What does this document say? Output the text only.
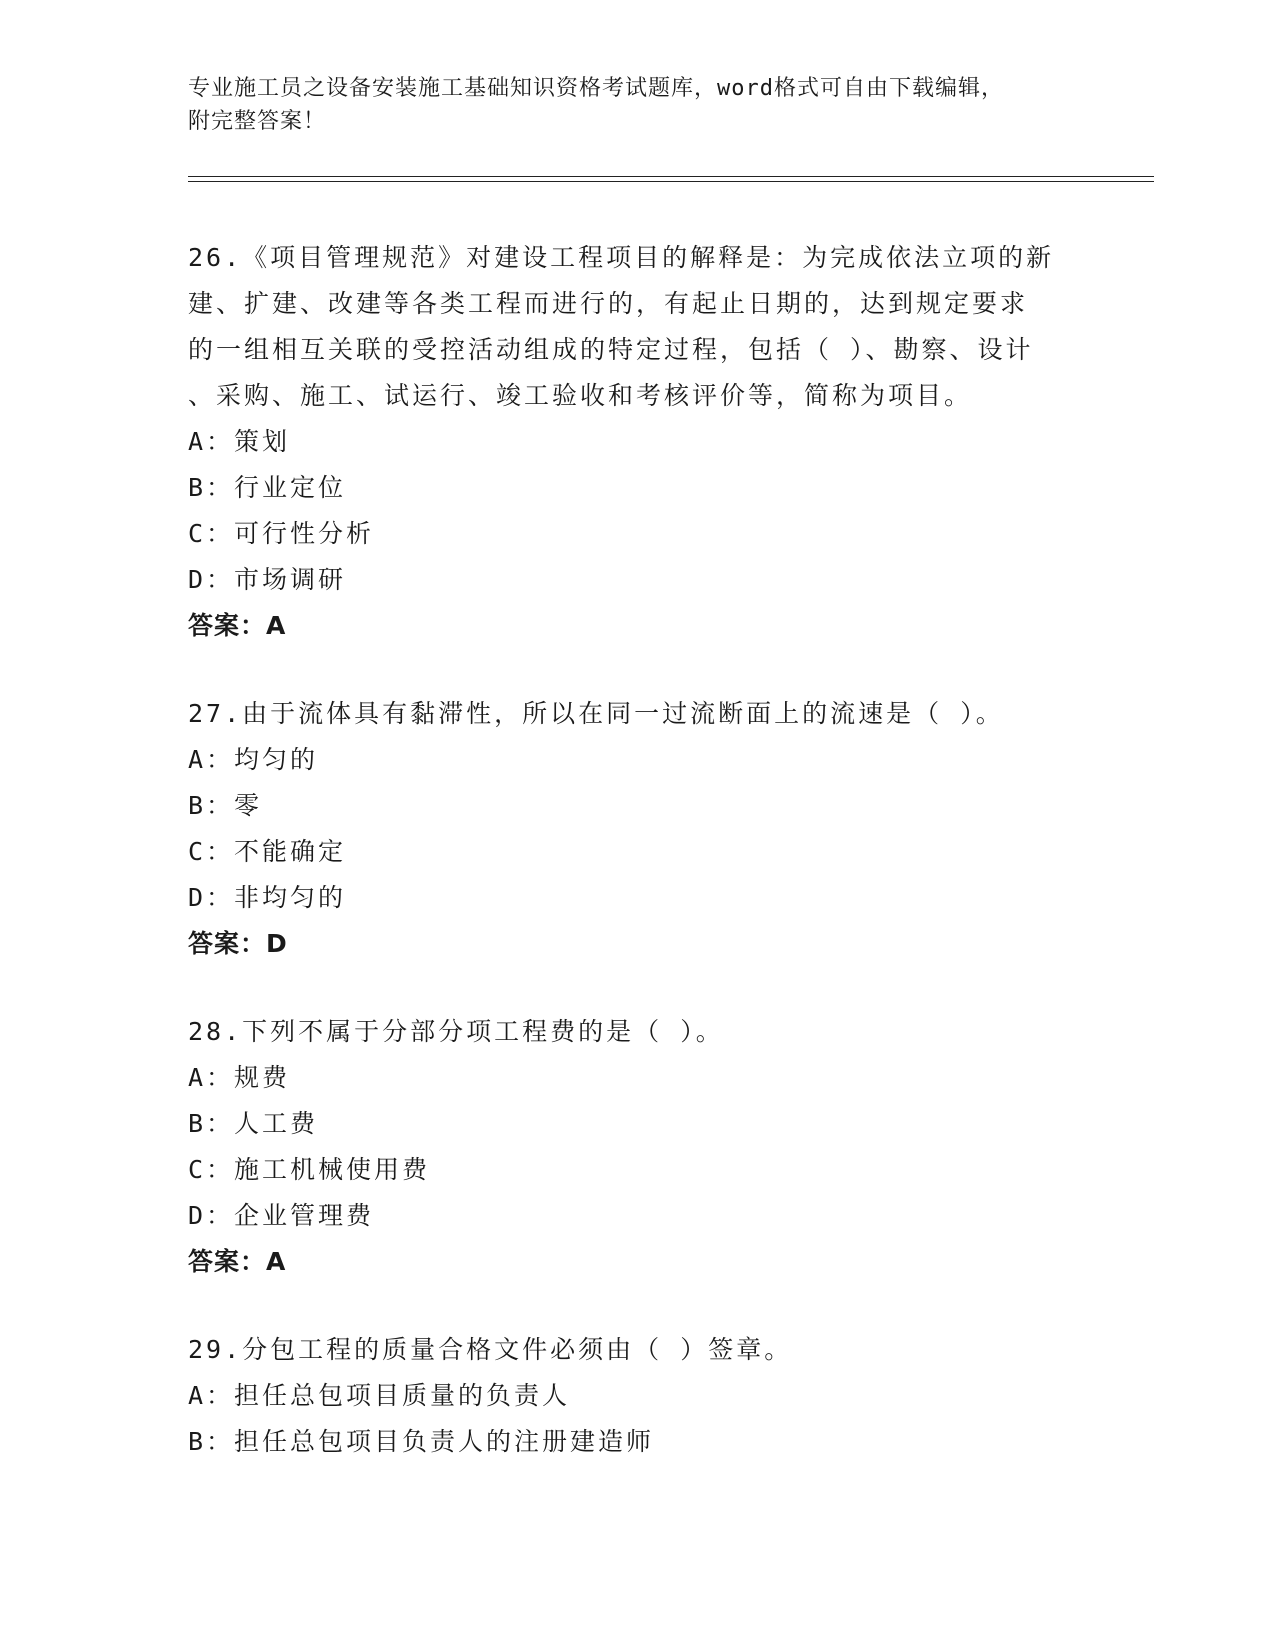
专业施工员之设备安装施工基础知识资格考试题库，word格式可自由下载编辑，
附完整答案！
26.《项目管理规范》对建设工程项目的解释是：为完成依法立项的新
建、扩建、改建等各类工程而进行的，有起止日期的，达到规定要求
的一组相互关联的受控活动组成的特定过程，包括（ ）、勘察、设计
、采购、施工、试运行、竣工验收和考核评价等，简称为项目。
A：策划
B：行业定位
C：可行性分析
D：市场调研
答案：A
27.由于流体具有黏滞性，所以在同一过流断面上的流速是（ ）。
A：均匀的
B：零
C：不能确定
D：非均匀的
答案：D
28.下列不属于分部分项工程费的是（ ）。
A：规费
B：人工费
C：施工机械使用费
D：企业管理费
答案：A
29.分包工程的质量合格文件必须由（ ）签章。
A：担任总包项目质量的负责人
B：担任总包项目负责人的注册建造师
